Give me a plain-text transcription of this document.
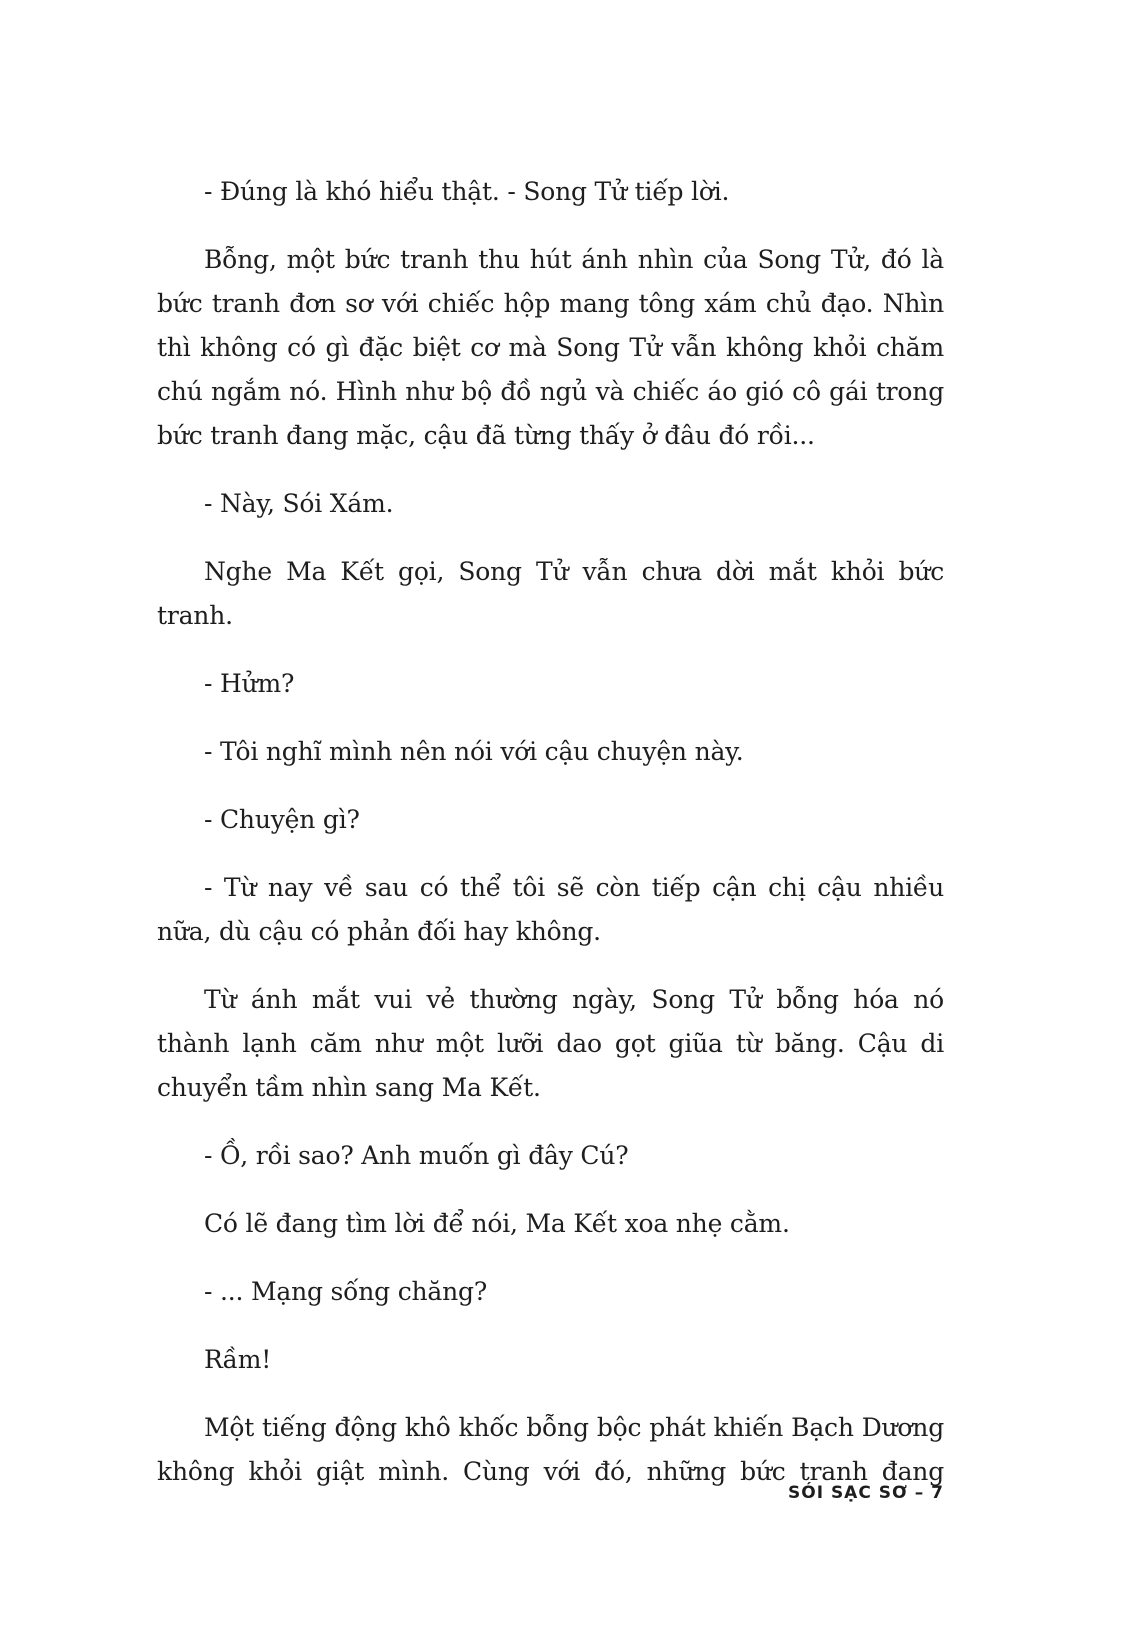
- Đúng là khó hiểu thật. - Song Tử tiếp lời.

Bỗng, một bức tranh thu hút ánh nhìn của Song Tử, đó là bức tranh đơn sơ với chiếc hộp mang tông xám chủ đạo. Nhìn thì không có gì đặc biệt cơ mà Song Tử vẫn không khỏi chăm chú ngắm nó. Hình như bộ đồ ngủ và chiếc áo gió cô gái trong bức tranh đang mặc, cậu đã từng thấy ở đâu đó rồi...

- Này, Sói Xám.

Nghe Ma Kết gọi, Song Tử vẫn chưa dời mắt khỏi bức tranh.

- Hửm?

- Tôi nghĩ mình nên nói với cậu chuyện này.

- Chuyện gì?

- Từ nay về sau có thể tôi sẽ còn tiếp cận chị cậu nhiều nữa, dù cậu có phản đối hay không.

Từ ánh mắt vui vẻ thường ngày, Song Tử bỗng hóa nó thành lạnh căm như một lưỡi dao gọt giũa từ băng. Cậu di chuyển tầm nhìn sang Ma Kết.

- Ồ, rồi sao? Anh muốn gì đây Cú?

Có lẽ đang tìm lời để nói, Ma Kết xoa nhẹ cằm.

- ... Mạng sống chăng?

Rầm!

Một tiếng động khô khốc bỗng bộc phát khiến Bạch Dương không khỏi giật mình. Cùng với đó, những bức tranh đang

SÓI SẠC SƠ – 7
